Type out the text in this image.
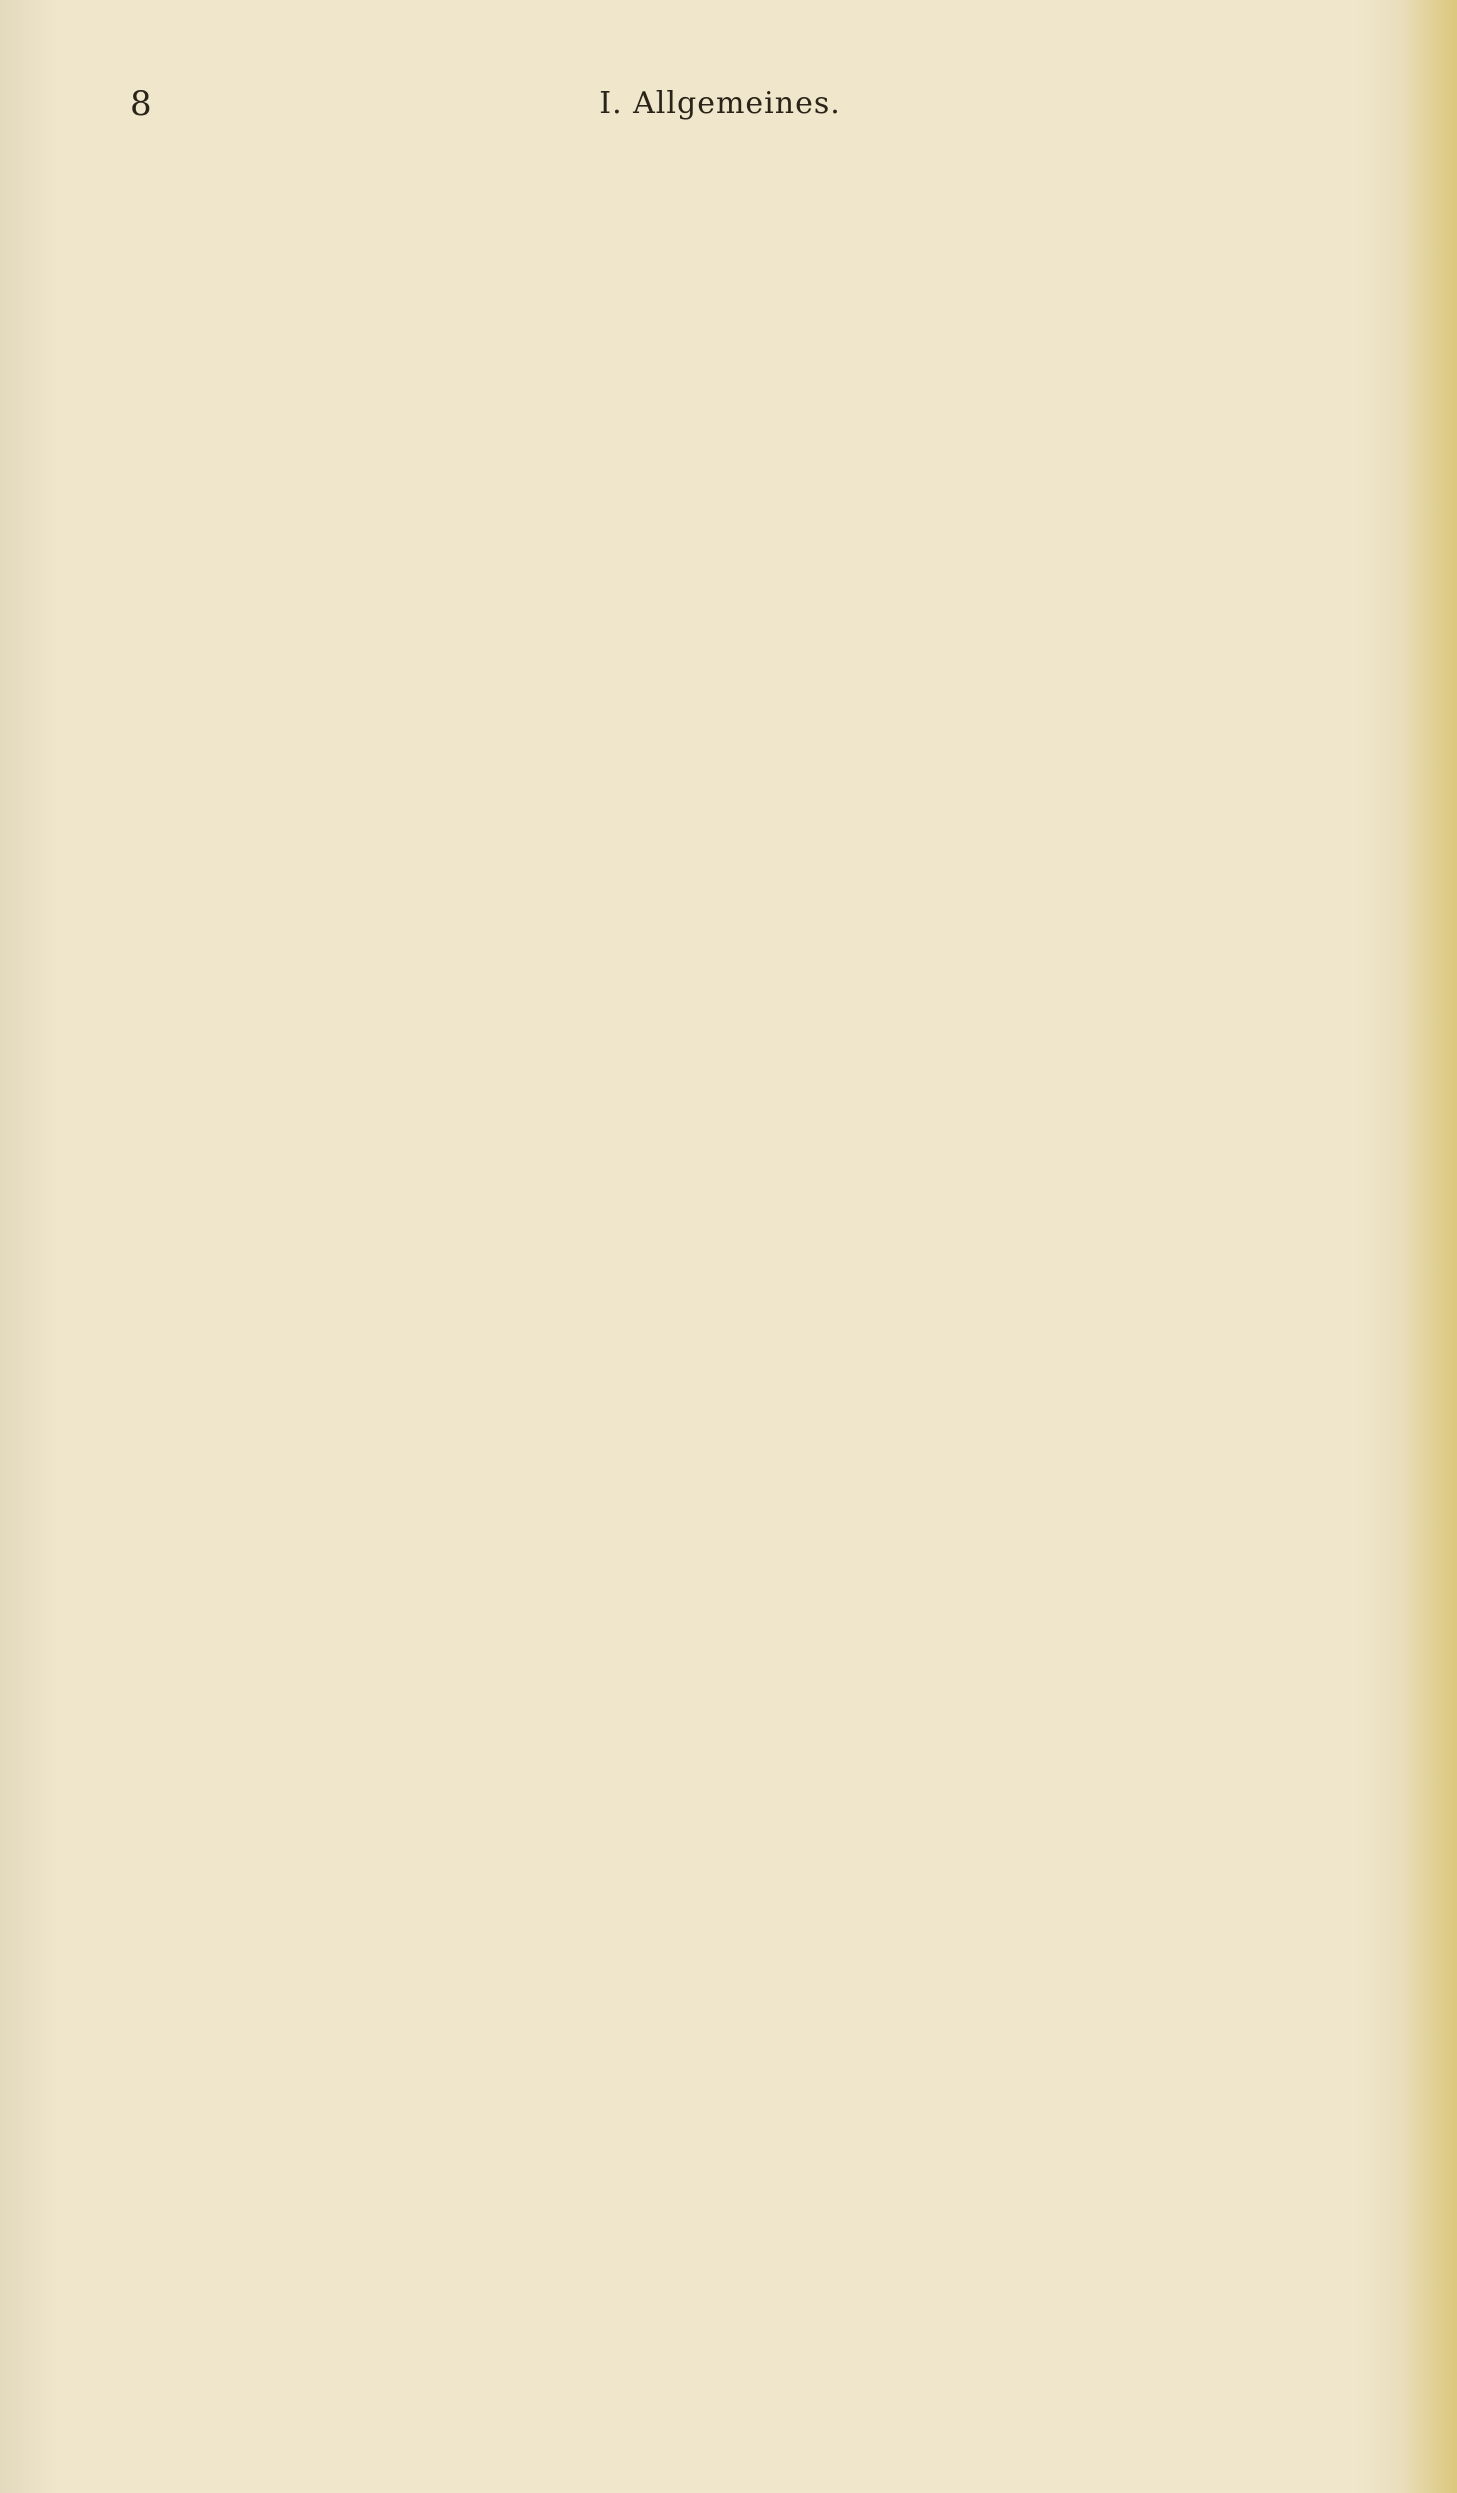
8	I. Allgemeines.
